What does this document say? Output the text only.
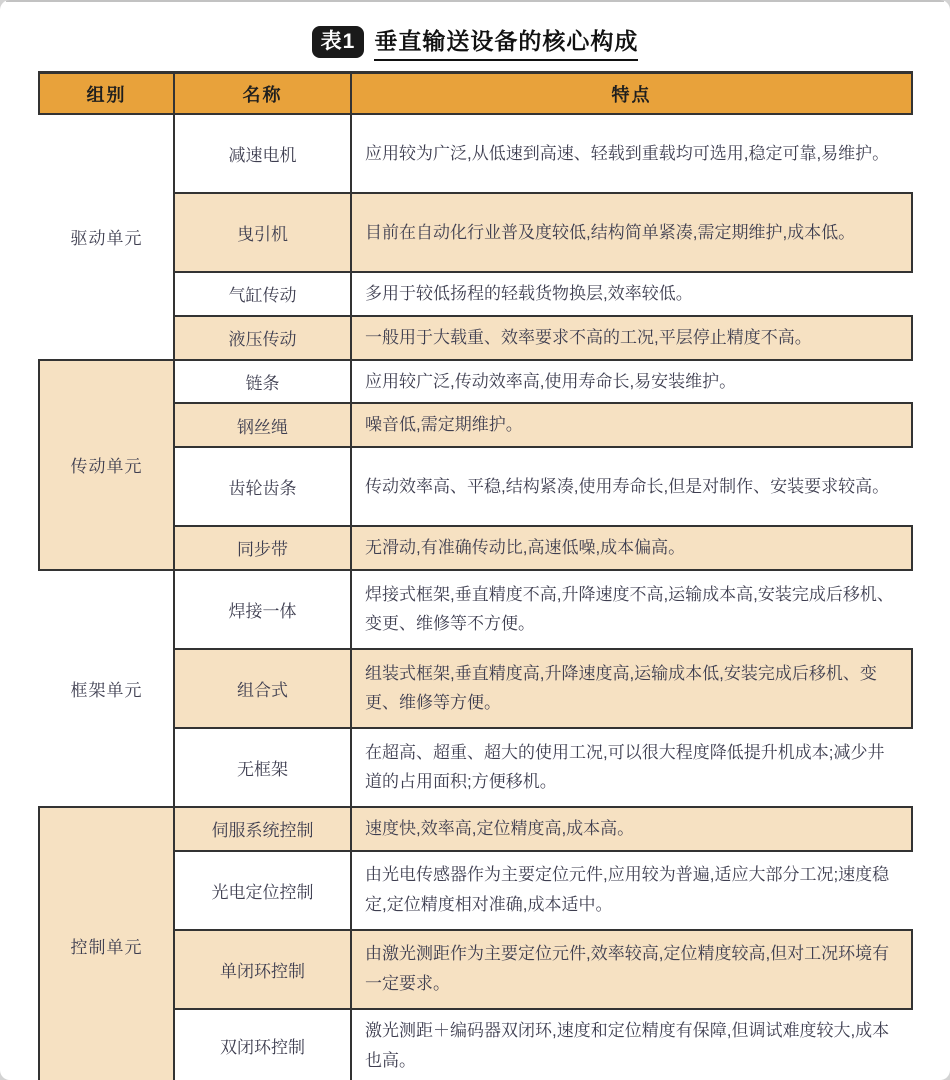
表1 垂直输送设备的核心构成
组别	名称	特点
驱动单元	减速电机	应用较为广泛,从低速到高速、轻载到重载均可选用,稳定可靠,易维护。
	曳引机	目前在自动化行业普及度较低,结构简单紧凑,需定期维护,成本低。
	气缸传动	多用于较低扬程的轻载货物换层,效率较低。
	液压传动	一般用于大载重、效率要求不高的工况,平层停止精度不高。
传动单元	链条	应用较广泛,传动效率高,使用寿命长,易安装维护。
	钢丝绳	噪音低,需定期维护。
	齿轮齿条	传动效率高、平稳,结构紧凑,使用寿命长,但是对制作、安装要求较高。
	同步带	无滑动,有准确传动比,高速低噪,成本偏高。
框架单元	焊接一体	焊接式框架,垂直精度不高,升降速度不高,运输成本高,安装完成后移机、变更、维修等不方便。
	组合式	组装式框架,垂直精度高,升降速度高,运输成本低,安装完成后移机、变更、维修等方便。
	无框架	在超高、超重、超大的使用工况,可以很大程度降低提升机成本;减少井道的占用面积;方便移机。
控制单元	伺服系统控制	速度快,效率高,定位精度高,成本高。
	光电定位控制	由光电传感器作为主要定位元件,应用较为普遍,适应大部分工况;速度稳定,定位精度相对准确,成本适中。
	单闭环控制	由激光测距作为主要定位元件,效率较高,定位精度较高,但对工况环境有一定要求。
	双闭环控制	激光测距＋编码器双闭环,速度和定位精度有保障,但调试难度较大,成本也高。
